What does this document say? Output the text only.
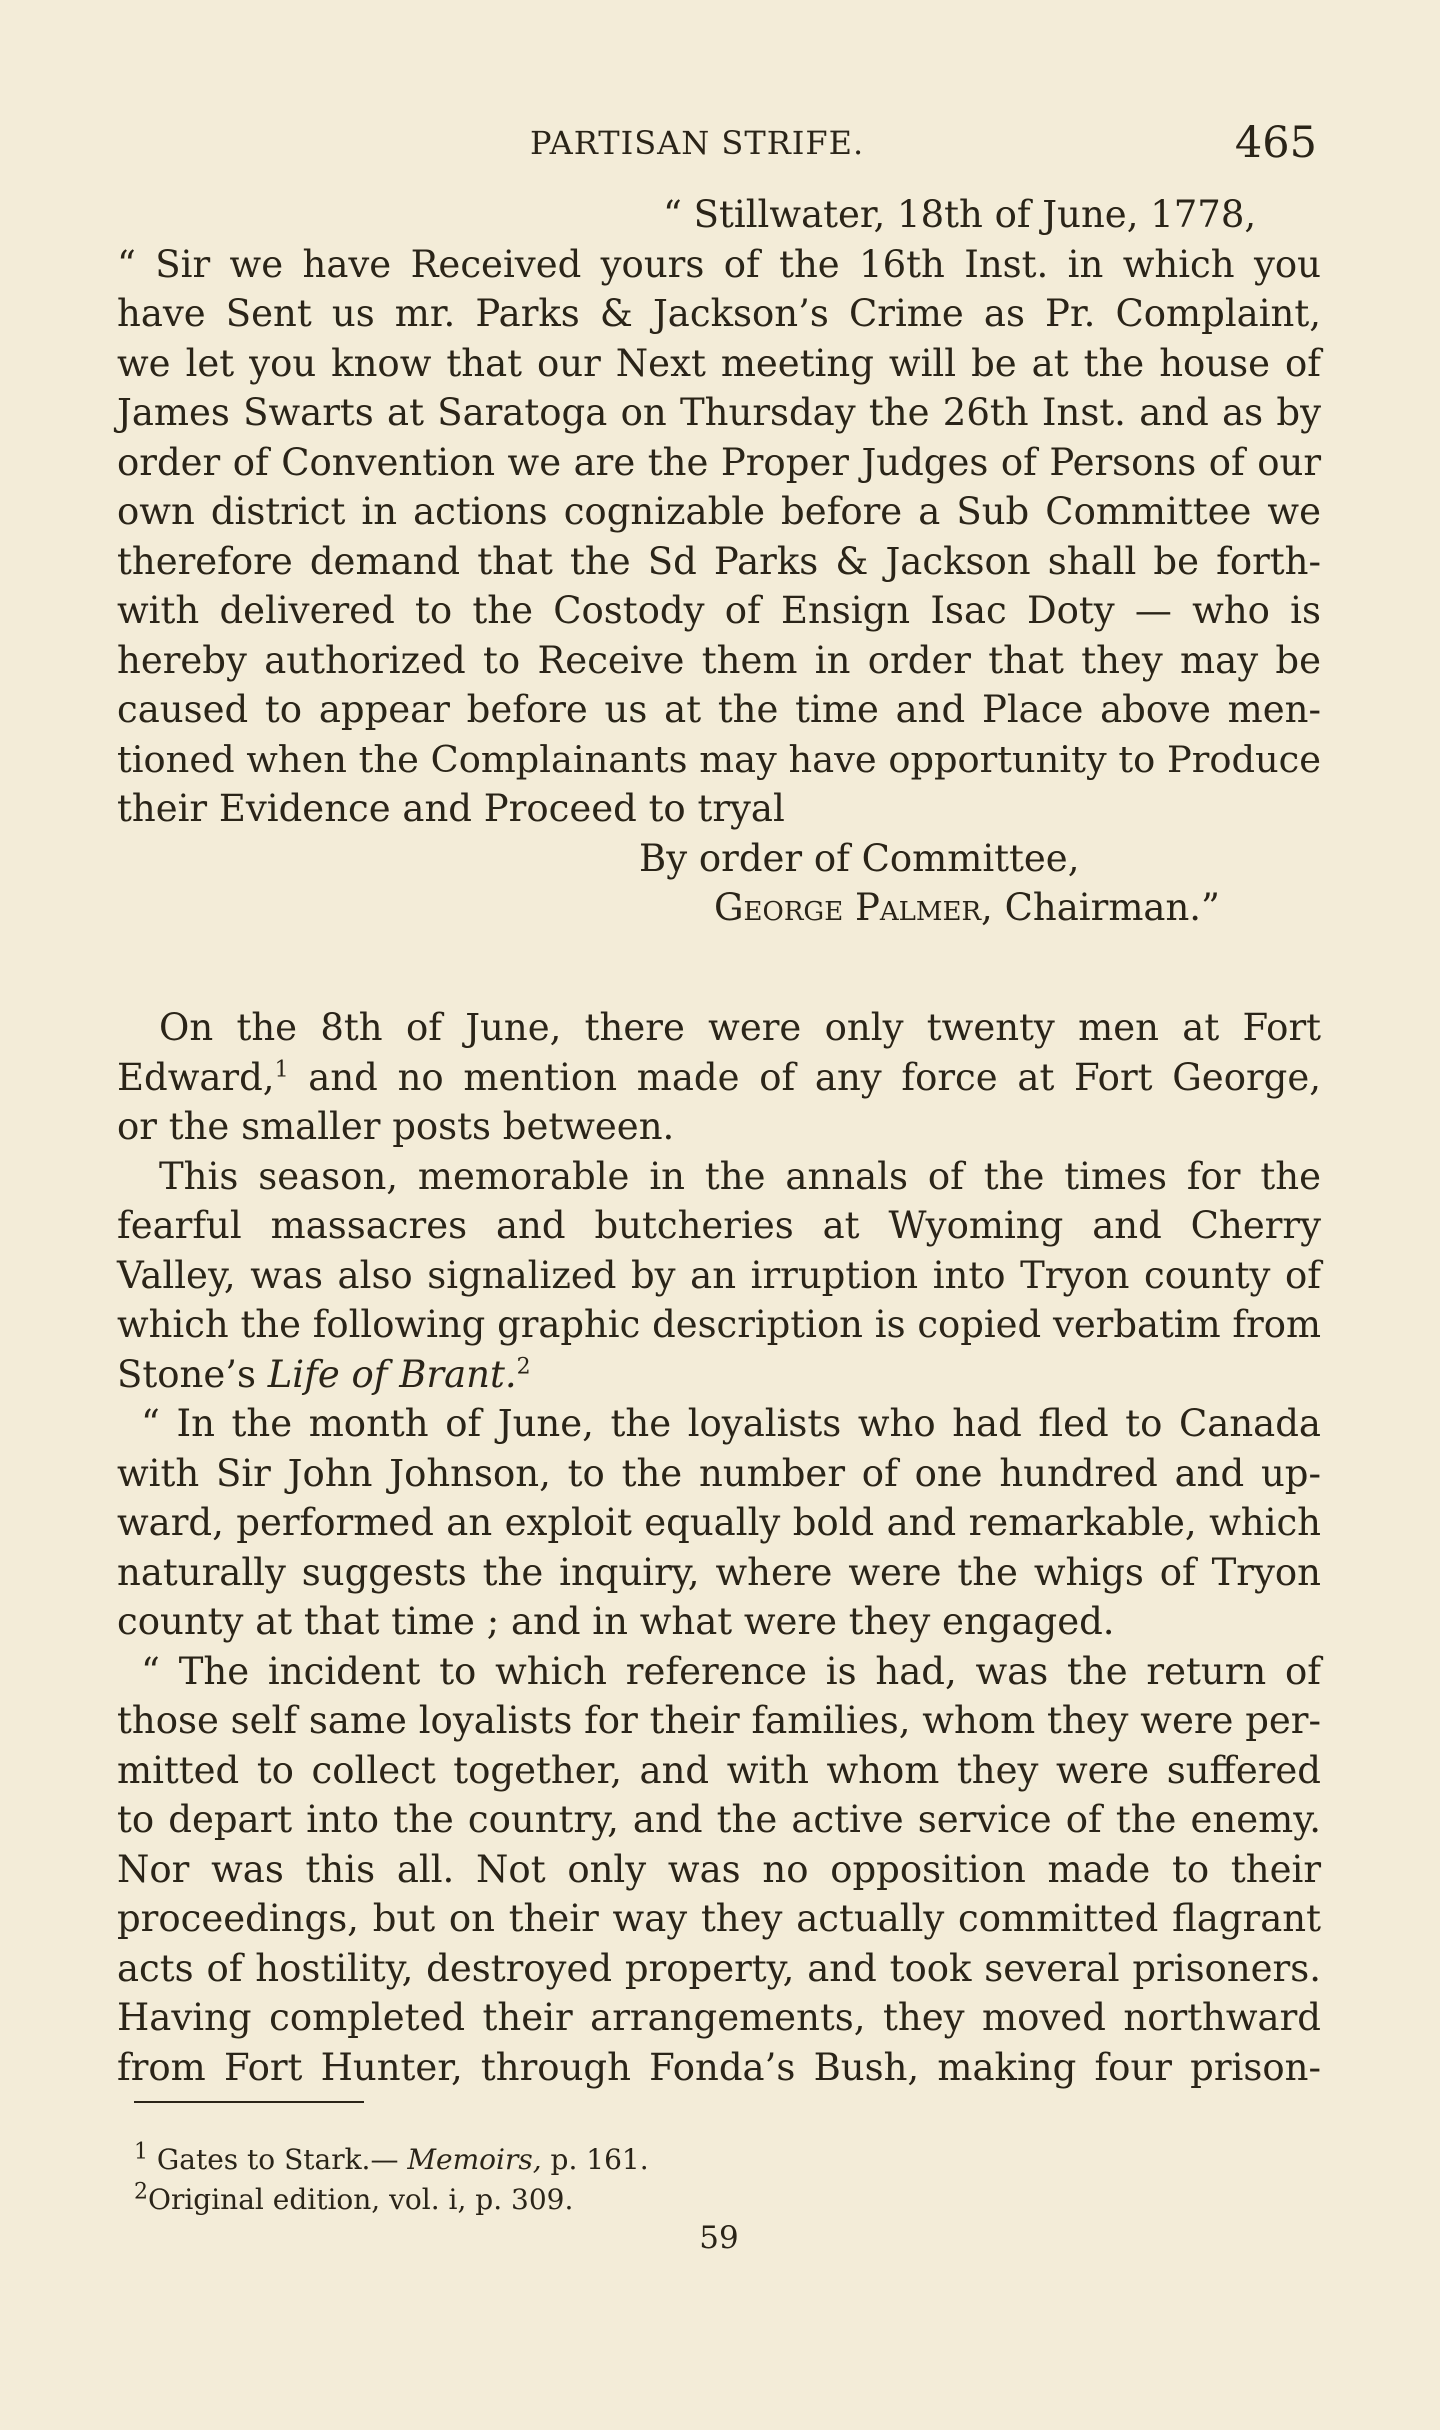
PARTISAN STRIFE.	465
“ Stillwater, 18th of June, 1778,
“ Sir we have Received yours of the 16th Inst. in which you
have Sent us mr. Parks & Jackson’s Crime as Pr. Complaint,
we let you know that our Next meeting will be at the house of
James Swarts at Saratoga on Thursday the 26th Inst. and as by
order of Convention we are the Proper Judges of Persons of our
own district in actions cognizable before a Sub Committee we
therefore demand that the Sd Parks & Jackson shall be forth-
with delivered to the Costody of Ensign Isac Doty — who is
hereby authorized to Receive them in order that they may be
caused to appear before us at the time and Place above men-
tioned when the Complainants may have opportunity to Produce
their Evidence and Proceed to tryal
By order of Committee,
George Palmer, Chairman.”
On the 8th of June, there were only twenty men at Fort
Edward,$^1$ and no mention made of any force at Fort George,
or the smaller posts between.
This season, memorable in the annals of the times for the
fearful massacres and butcheries at Wyoming and Cherry
Valley, was also signalized by an irruption into Tryon county of
which the following graphic description is copied verbatim from
Stone’s Life of Brant.$^2$
“ In the month of June, the loyalists who had fled to Canada
with Sir John Johnson, to the number of one hundred and up-
ward, performed an exploit equally bold and remarkable, which
naturally suggests the inquiry, where were the whigs of Tryon
county at that time ; and in what were they engaged.
“ The incident to which reference is had, was the return of
those self same loyalists for their families, whom they were per-
mitted to collect together, and with whom they were suffered
to depart into the country, and the active service of the enemy.
Nor was this all. Not only was no opposition made to their
proceedings, but on their way they actually committed flagrant
acts of hostility, destroyed property, and took several prisoners.
Having completed their arrangements, they moved northward
from Fort Hunter, through Fonda’s Bush, making four prison-
$^1$ Gates to Stark.— Memoirs, p. 161.
$^2$Original edition, vol. i, p. 309.
59
